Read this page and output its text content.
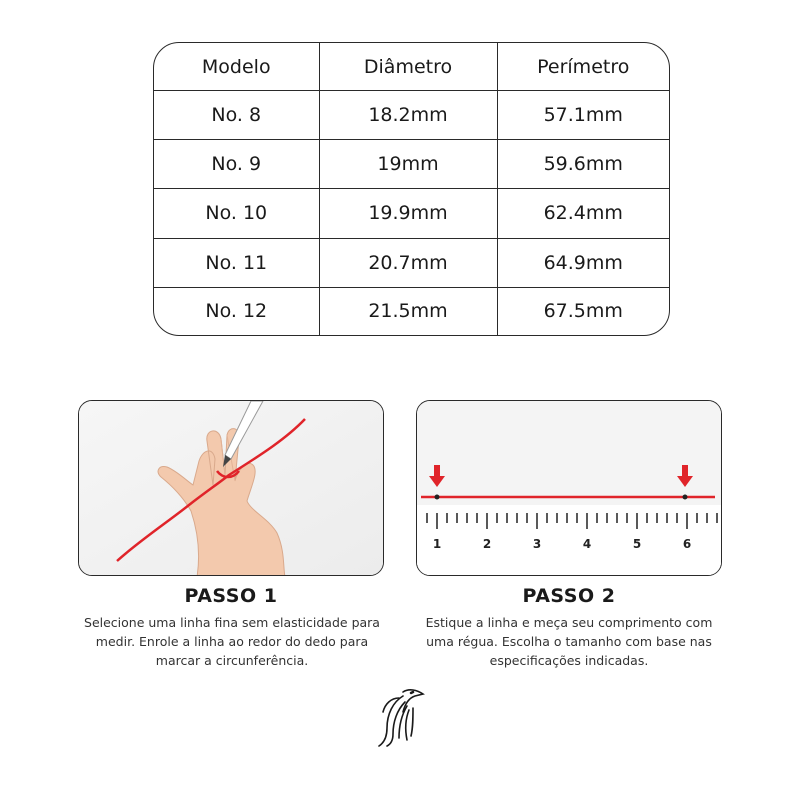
Modelo	Diâmetro	Perímetro
No. 8	18.2mm	57.1mm
No. 9	19mm	59.6mm
No. 10	19.9mm	62.4mm
No. 11	20.7mm	64.9mm
No. 12	21.5mm	67.5mm
1	2	3	4	5	6
PASSO 1	PASSO 2
Selecione uma linha fina sem elasticidade para medir. Enrole a linha ao redor do dedo para marcar a circunferência.
Estique a linha e meça seu comprimento com uma régua. Escolha o tamanho com base nas especificações indicadas.
